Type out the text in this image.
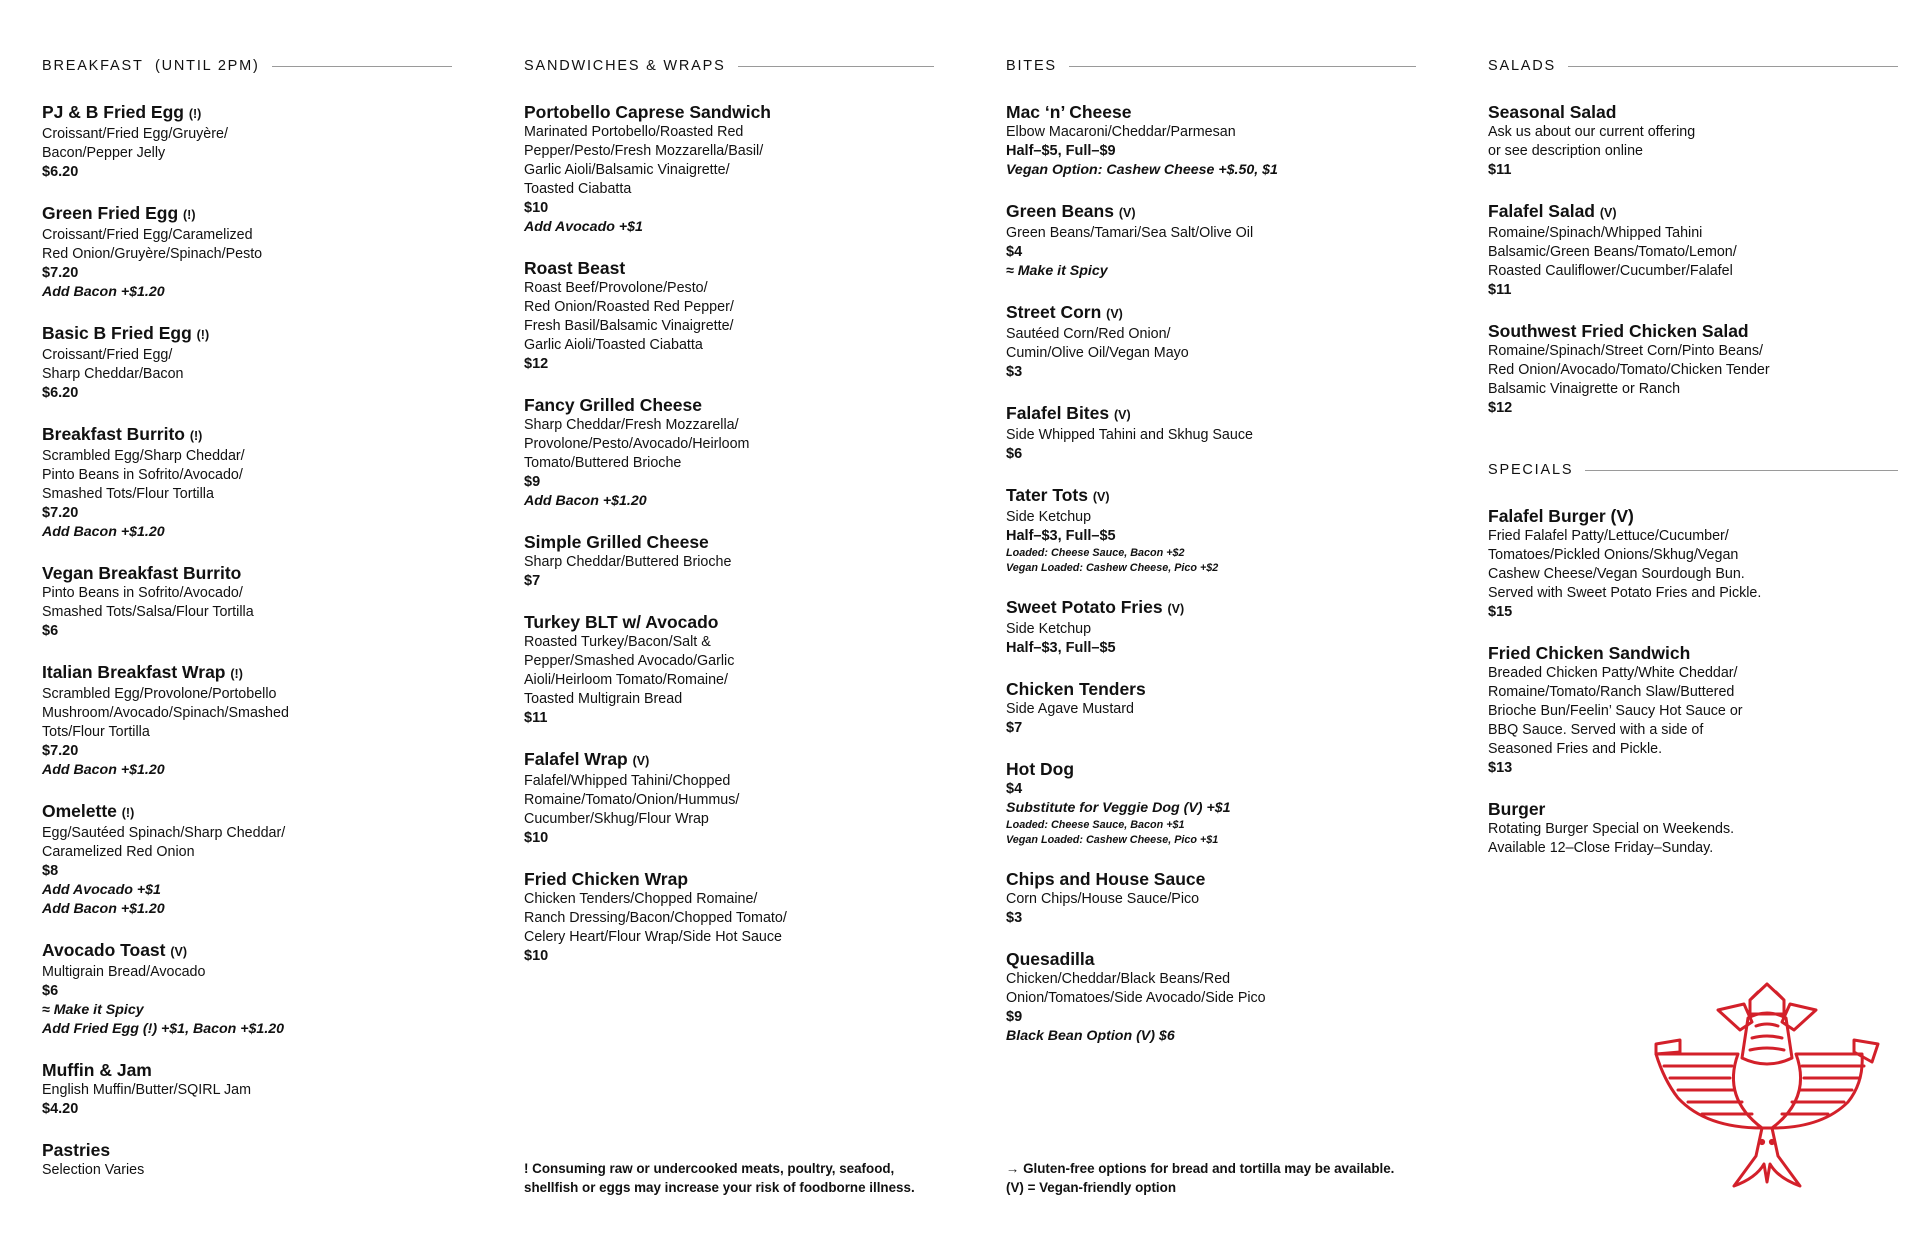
BREAKFAST  (UNTIL 2PM)
PJ & B Fried Egg (!)
Croissant/Fried Egg/Gruyère/
Bacon/Pepper Jelly
$6.20
Green Fried Egg (!)
Croissant/Fried Egg/Caramelized
Red Onion/Gruyère/Spinach/Pesto
$7.20
Add Bacon +$1.20
Basic B Fried Egg (!)
Croissant/Fried Egg/
Sharp Cheddar/Bacon
$6.20
Breakfast Burrito (!)
Scrambled Egg/Sharp Cheddar/
Pinto Beans in Sofrito/Avocado/
Smashed Tots/Flour Tortilla
$7.20
Add Bacon +$1.20
Vegan Breakfast Burrito
Pinto Beans in Sofrito/Avocado/
Smashed Tots/Salsa/Flour Tortilla
$6
Italian Breakfast Wrap (!)
Scrambled Egg/Provolone/Portobello
Mushroom/Avocado/Spinach/Smashed
Tots/Flour Tortilla
$7.20
Add Bacon +$1.20
Omelette (!)
Egg/Sautéed Spinach/Sharp Cheddar/
Caramelized Red Onion
$8
Add Avocado +$1
Add Bacon +$1.20
Avocado Toast (V)
Multigrain Bread/Avocado
$6
≈ Make it Spicy
Add Fried Egg (!) +$1, Bacon +$1.20
Muffin & Jam
English Muffin/Butter/SQIRL Jam
$4.20
Pastries
Selection Varies
SANDWICHES & WRAPS
Portobello Caprese Sandwich
Marinated Portobello/Roasted Red
Pepper/Pesto/Fresh Mozzarella/Basil/
Garlic Aioli/Balsamic Vinaigrette/
Toasted Ciabatta
$10
Add Avocado +$1
Roast Beast
Roast Beef/Provolone/Pesto/
Red Onion/Roasted Red Pepper/
Fresh Basil/Balsamic Vinaigrette/
Garlic Aioli/Toasted Ciabatta
$12
Fancy Grilled Cheese
Sharp Cheddar/Fresh Mozzarella/
Provolone/Pesto/Avocado/Heirloom
Tomato/Buttered Brioche
$9
Add Bacon +$1.20
Simple Grilled Cheese
Sharp Cheddar/Buttered Brioche
$7
Turkey BLT w/ Avocado
Roasted Turkey/Bacon/Salt &
Pepper/Smashed Avocado/Garlic
Aioli/Heirloom Tomato/Romaine/
Toasted Multigrain Bread
$11
Falafel Wrap (V)
Falafel/Whipped Tahini/Chopped
Romaine/Tomato/Onion/Hummus/
Cucumber/Skhug/Flour Wrap
$10
Fried Chicken Wrap
Chicken Tenders/Chopped Romaine/
Ranch Dressing/Bacon/Chopped Tomato/
Celery Heart/Flour Wrap/Side Hot Sauce
$10
BITES
Mac ‘n’ Cheese
Elbow Macaroni/Cheddar/Parmesan
Half–$5, Full–$9
Vegan Option: Cashew Cheese +$.50, $1
Green Beans (V)
Green Beans/Tamari/Sea Salt/Olive Oil
$4
≈ Make it Spicy
Street Corn (V)
Sautéed Corn/Red Onion/
Cumin/Olive Oil/Vegan Mayo
$3
Falafel Bites (V)
Side Whipped Tahini and Skhug Sauce
$6
Tater Tots (V)
Side Ketchup
Half–$3, Full–$5
Loaded: Cheese Sauce, Bacon +$2
Vegan Loaded: Cashew Cheese, Pico +$2
Sweet Potato Fries (V)
Side Ketchup
Half–$3, Full–$5
Chicken Tenders
Side Agave Mustard
$7
Hot Dog
$4
Substitute for Veggie Dog (V) +$1
Loaded: Cheese Sauce, Bacon +$1
Vegan Loaded: Cashew Cheese, Pico +$1
Chips and House Sauce
Corn Chips/House Sauce/Pico
$3
Quesadilla
Chicken/Cheddar/Black Beans/Red
Onion/Tomatoes/Side Avocado/Side Pico
$9
Black Bean Option (V) $6
SALADS
Seasonal Salad
Ask us about our current offering
or see description online
$11
Falafel Salad (V)
Romaine/Spinach/Whipped Tahini
Balsamic/Green Beans/Tomato/Lemon/
Roasted Cauliflower/Cucumber/Falafel
$11
Southwest Fried Chicken Salad
Romaine/Spinach/Street Corn/Pinto Beans/
Red Onion/Avocado/Tomato/Chicken Tender
Balsamic Vinaigrette or Ranch
$12
SPECIALS
Falafel Burger (V)
Fried Falafel Patty/Lettuce/Cucumber/
Tomatoes/Pickled Onions/Skhug/Vegan
Cashew Cheese/Vegan Sourdough Bun.
Served with Sweet Potato Fries and Pickle.
$15
Fried Chicken Sandwich
Breaded Chicken Patty/White Cheddar/
Romaine/Tomato/Ranch Slaw/Buttered
Brioche Bun/Feelin’ Saucy Hot Sauce or
BBQ Sauce. Served with a side of
Seasoned Fries and Pickle.
$13
Burger
Rotating Burger Special on Weekends.
Available 12–Close Friday–Sunday.
! Consuming raw or undercooked meats, poultry, seafood,
shellfish or eggs may increase your risk of foodborne illness.
→ Gluten-free options for bread and tortilla may be available.
(V) = Vegan-friendly option
